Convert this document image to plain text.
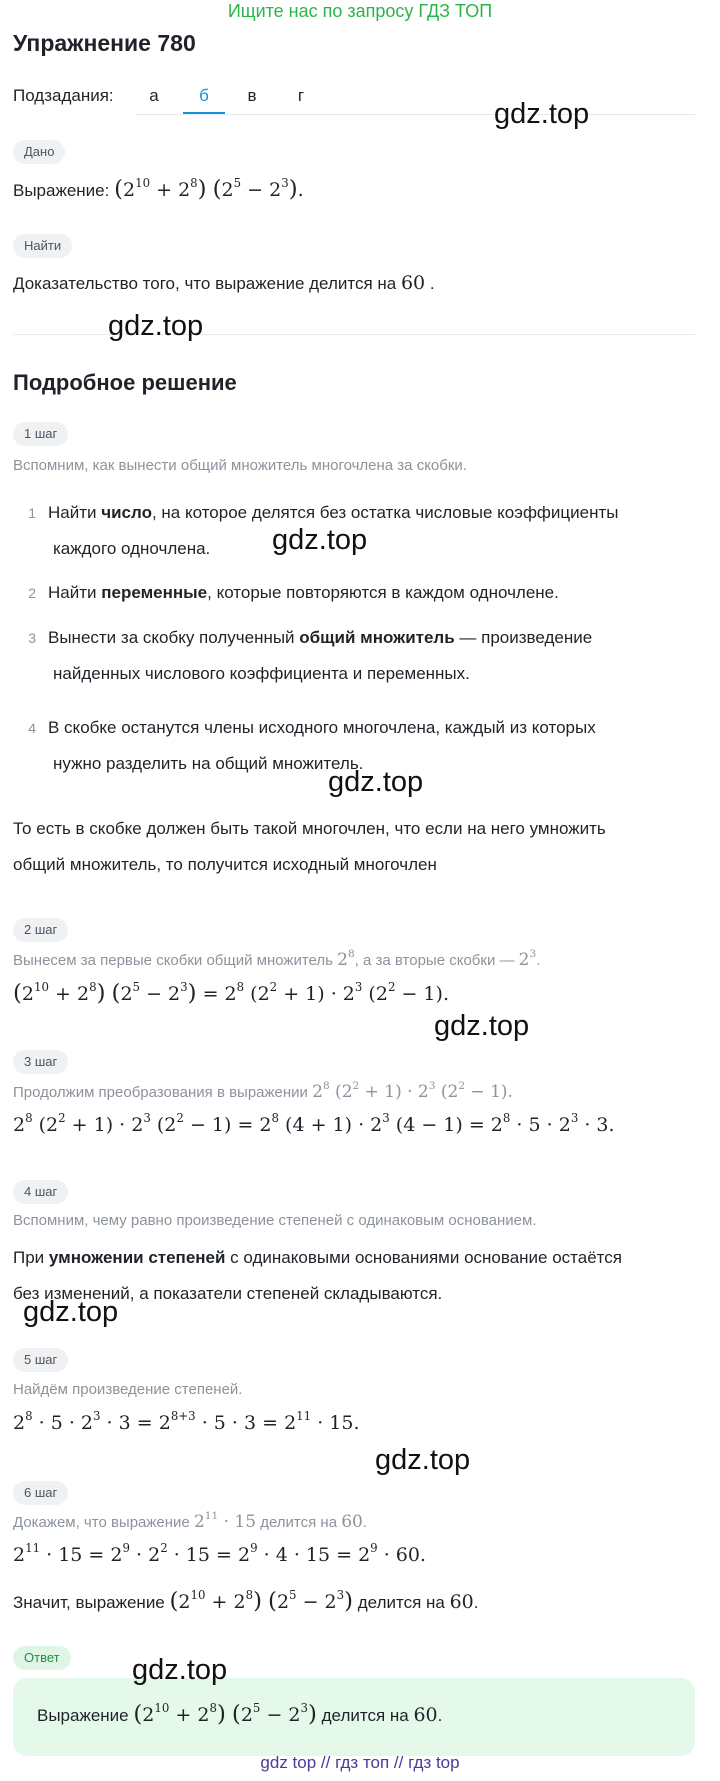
Ищите нас по запросу ГДЗ ТОП
Упражнение 780
Подзадания:	а	б	в	г
Дано
Выражение: $(2^{10} + 2^8) (2^5 - 2^3)$.
Найти
Доказательство того, что выражение делится на 60 .
Подробное решение
1 шаг
Вспомним, как вынести общий множитель многочлена за скобки.
1 Найти число, на которое делятся без остатка числовые коэффициенты
каждого одночлена.
2 Найти переменные, которые повторяются в каждом одночлене.
3 Вынести за скобку полученный общий множитель — произведение
найденных числового коэффициента и переменных.
4 В скобке останутся члены исходного многочлена, каждый из которых
нужно разделить на общий множитель.
То есть в скобке должен быть такой многочлен, что если на него умножить
общий множитель, то получится исходный многочлен
2 шаг
Вынесем за первые скобки общий множитель $2^8$, а за вторые скобки — $2^3$.
$(2^{10} + 2^8) (2^5 - 2^3) = 2^8$ $(2^2 + 1) \cdot 2^3$ $(2^2 - 1)$.
3 шаг
Продолжим преобразования в выражении $2^8$ $(2^2 + 1) \cdot 2^3$ $(2^2 - 1)$.
$2^8$ $(2^2 + 1) \cdot 2^3$ $(2^2 - 1) = 2^8$ $(4 + 1) \cdot 2^3$ $(4 - 1) = 2^8 \cdot 5 \cdot 2^3 \cdot 3$.
4 шаг
Вспомним, чему равно произведение степеней с одинаковым основанием.
При умножении степеней с одинаковыми основаниями основание остаётся
без изменений, а показатели степеней складываются.
5 шаг
Найдём произведение степеней.
$2^8 \cdot 5 \cdot 2^3 \cdot 3 = 2^{8+3} \cdot 5 \cdot 3 = 2^{11} \cdot 15$.
6 шаг
Докажем, что выражение $2^{11} \cdot 15$ делится на 60.
$2^{11} \cdot 15 = 2^9 \cdot 2^2 \cdot 15 = 2^9 \cdot 4 \cdot 15 = 2^9 \cdot 60$.
Значит, выражение $(2^{10} + 2^8) (2^5 - 2^3)$ делится на 60.
Ответ
Выражение $(2^{10} + 2^8) (2^5 - 2^3)$ делится на 60.
gdz.top
gdz.top
gdz.top
gdz.top
gdz.top
gdz.top
gdz.top
gdz.top
gdz top // гдз топ // гдз top
